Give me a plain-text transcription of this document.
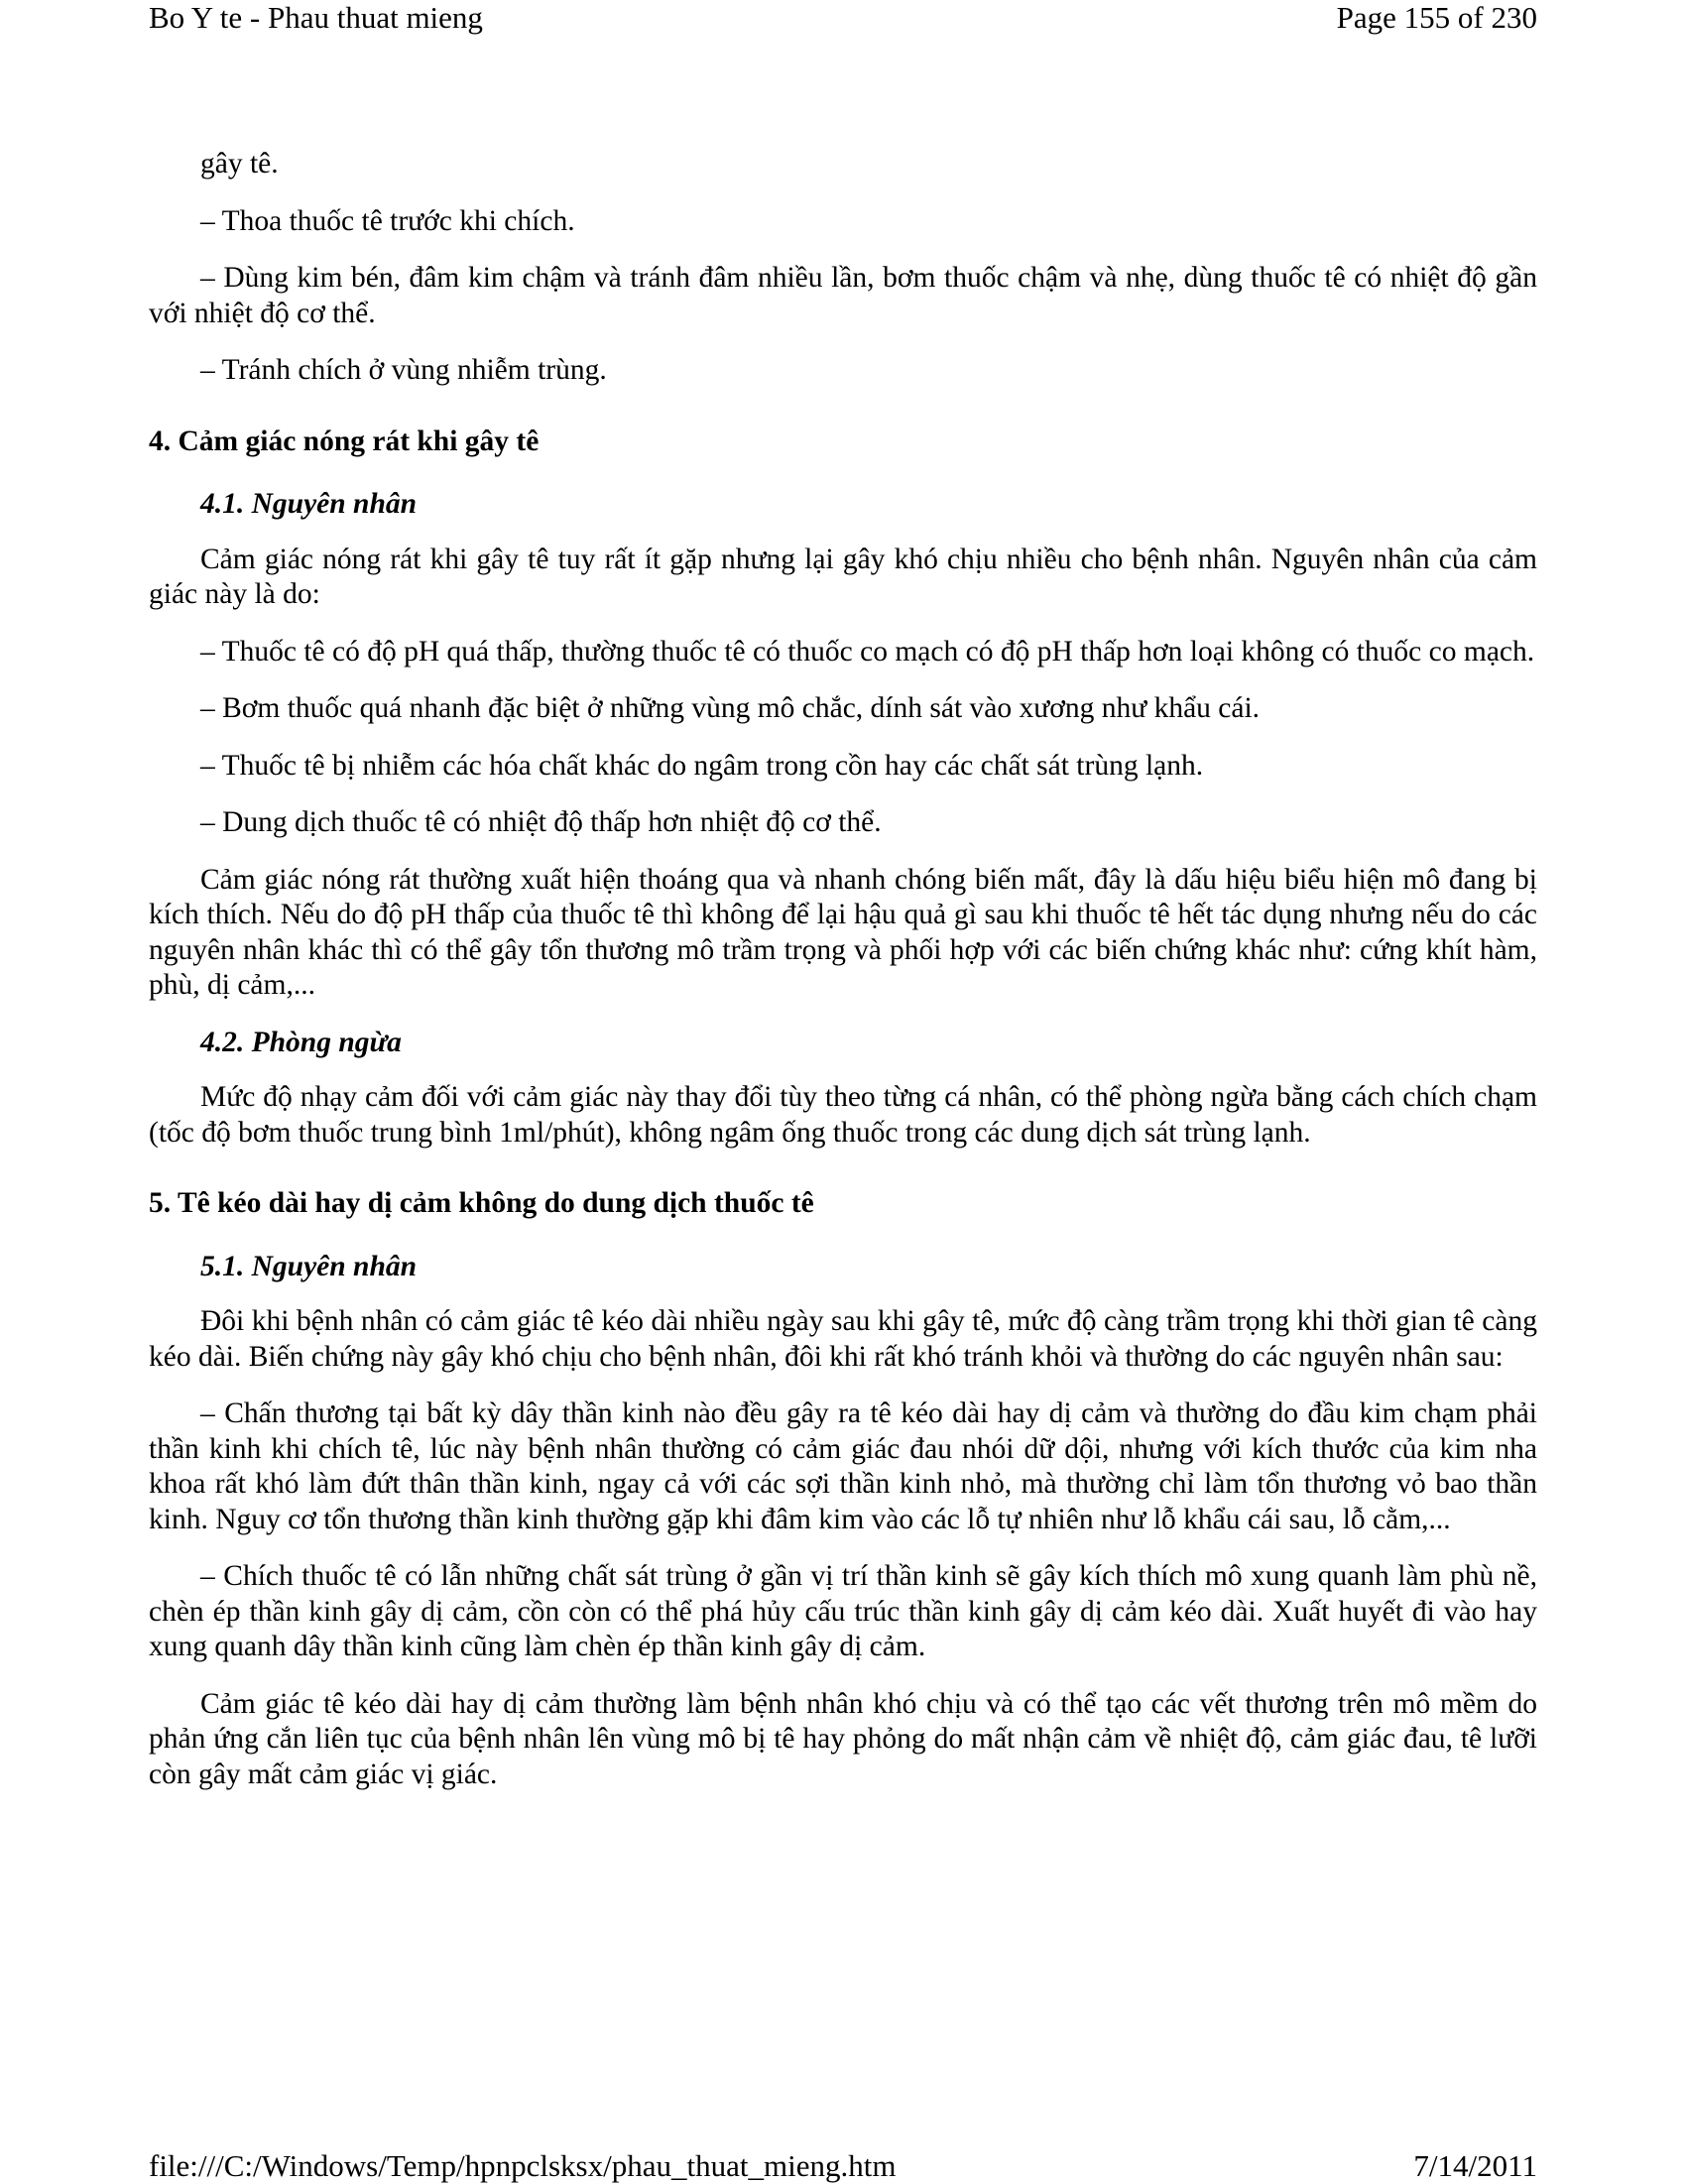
Bo Y te - Phau thuat mieng	Page 155 of 230

gây tê.

– Thoa thuốc tê trước khi chích.

– Dùng kim bén, đâm kim chậm và tránh đâm nhiều lần, bơm thuốc chậm và nhẹ, dùng thuốc tê có nhiệt độ gần với nhiệt độ cơ thể.

– Tránh chích ở vùng nhiễm trùng.

4. Cảm giác nóng rát khi gây tê
4.1. Nguyên nhân

Cảm giác nóng rát khi gây tê tuy rất ít gặp nhưng lại gây khó chịu nhiều cho bệnh nhân. Nguyên nhân của cảm giác này là do:

– Thuốc tê có độ pH quá thấp, thường thuốc tê có thuốc co mạch có độ pH thấp hơn loại không có thuốc co mạch.

– Bơm thuốc quá nhanh đặc biệt ở những vùng mô chắc, dính sát vào xương như khẩu cái.

– Thuốc tê bị nhiễm các hóa chất khác do ngâm trong cồn hay các chất sát trùng lạnh.

– Dung dịch thuốc tê có nhiệt độ thấp hơn nhiệt độ cơ thể.

Cảm giác nóng rát thường xuất hiện thoáng qua và nhanh chóng biến mất, đây là dấu hiệu biểu hiện mô đang bị kích thích. Nếu do độ pH thấp của thuốc tê thì không để lại hậu quả gì sau khi thuốc tê hết tác dụng nhưng nếu do các nguyên nhân khác thì có thể gây tổn thương mô trầm trọng và phối hợp với các biến chứng khác như: cứng khít hàm, phù, dị cảm,...

4.2. Phòng ngừa

Mức độ nhạy cảm đối với cảm giác này thay đổi tùy theo từng cá nhân, có thể phòng ngừa bằng cách chích chạm (tốc độ bơm thuốc trung bình 1ml/phút), không ngâm ống thuốc trong các dung dịch sát trùng lạnh.

5. Tê kéo dài hay dị cảm không do dung dịch thuốc tê
5.1. Nguyên nhân

Đôi khi bệnh nhân có cảm giác tê kéo dài nhiều ngày sau khi gây tê, mức độ càng trầm trọng khi thời gian tê càng kéo dài. Biến chứng này gây khó chịu cho bệnh nhân, đôi khi rất khó tránh khỏi và thường do các nguyên nhân sau:

– Chấn thương tại bất kỳ dây thần kinh nào đều gây ra tê kéo dài hay dị cảm và thường do đầu kim chạm phải thần kinh khi chích tê, lúc này bệnh nhân thường có cảm giác đau nhói dữ dội, nhưng với kích thước của kim nha khoa rất khó làm đứt thân thần kinh, ngay cả với các sợi thần kinh nhỏ, mà thường chỉ làm tổn thương vỏ bao thần kinh. Nguy cơ tổn thương thần kinh thường gặp khi đâm kim vào các lỗ tự nhiên như lỗ khẩu cái sau, lỗ cằm,...

– Chích thuốc tê có lẫn những chất sát trùng ở gần vị trí thần kinh sẽ gây kích thích mô xung quanh làm phù nề, chèn ép thần kinh gây dị cảm, cồn còn có thể phá hủy cấu trúc thần kinh gây dị cảm kéo dài. Xuất huyết đi vào hay xung quanh dây thần kinh cũng làm chèn ép thần kinh gây dị cảm.

Cảm giác tê kéo dài hay dị cảm thường làm bệnh nhân khó chịu và có thể tạo các vết thương trên mô mềm do phản ứng cắn liên tục của bệnh nhân lên vùng mô bị tê hay phỏng do mất nhận cảm về nhiệt độ, cảm giác đau, tê lưỡi còn gây mất cảm giác vị giác.

file:///C:/Windows/Temp/hpnpclsksx/phau_thuat_mieng.htm	7/14/2011
